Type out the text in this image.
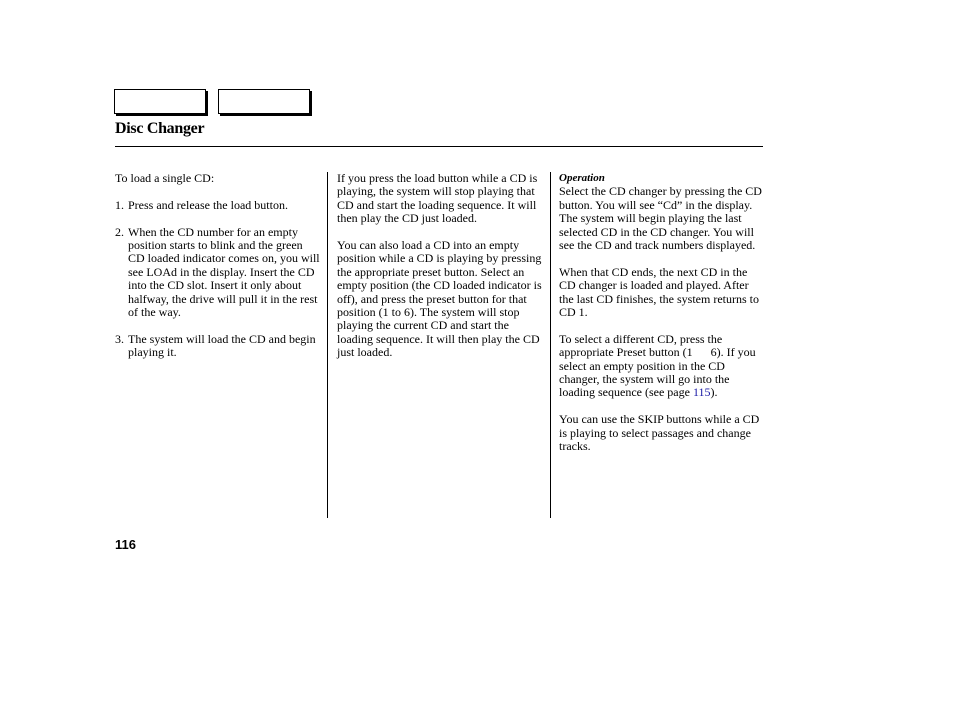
Disc Changer

To load a single CD:

1. Press and release the load button.

2. When the CD number for an empty position starts to blink and the green CD loaded indicator comes on, you will see LOAd in the display. Insert the CD into the CD slot. Insert it only about halfway, the drive will pull it in the rest of the way.

3. The system will load the CD and begin playing it.

If you press the load button while a CD is playing, the system will stop playing that CD and start the loading sequence. It will then play the CD just loaded.

You can also load a CD into an empty position while a CD is playing by pressing the appropriate preset button. Select an empty position (the CD loaded indicator is off), and press the preset button for that position (1 to 6). The system will stop playing the current CD and start the loading sequence. It will then play the CD just loaded.

Operation

Select the CD changer by pressing the CD button. You will see “Cd” in the display. The system will begin playing the last selected CD in the CD changer. You will see the CD and track numbers displayed.

When that CD ends, the next CD in the CD changer is loaded and played. After the last CD finishes, the system returns to CD 1.

To select a different CD, press the appropriate Preset button (1      6). If you select an empty position in the CD changer, the system will go into the loading sequence (see page 115).

You can use the SKIP buttons while a CD is playing to select passages and change tracks.

116
